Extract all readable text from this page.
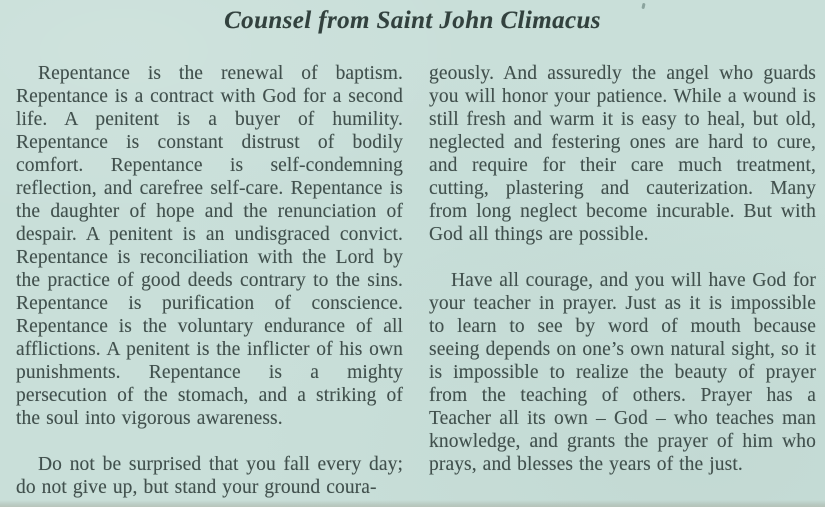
Counsel from Saint John Climacus

Repentance is the renewal of baptism. Repentance is a contract with God for a second life. A penitent is a buyer of humility. Repentance is constant distrust of bodily comfort. Repentance is self-condemning reflection, and carefree self-care. Repentance is the daughter of hope and the renunciation of despair. A penitent is an undisgraced convict. Repentance is reconciliation with the Lord by the practice of good deeds contrary to the sins. Repentance is purification of conscience. Repentance is the voluntary endurance of all afflictions. A penitent is the inflicter of his own punishments. Repentance is a mighty persecution of the stomach, and a striking of the soul into vigorous awareness.

Do not be surprised that you fall every day; do not give up, but stand your ground coura-

geously. And assuredly the angel who guards you will honor your patience. While a wound is still fresh and warm it is easy to heal, but old, neglected and festering ones are hard to cure, and require for their care much treatment, cutting, plastering and cauterization. Many from long neglect become incurable. But with God all things are possible.

Have all courage, and you will have God for your teacher in prayer. Just as it is impossible to learn to see by word of mouth because seeing depends on one’s own natural sight, so it is impossible to realize the beauty of prayer from the teaching of others. Prayer has a Teacher all its own – God – who teaches man knowledge, and grants the prayer of him who prays, and blesses the years of the just.
